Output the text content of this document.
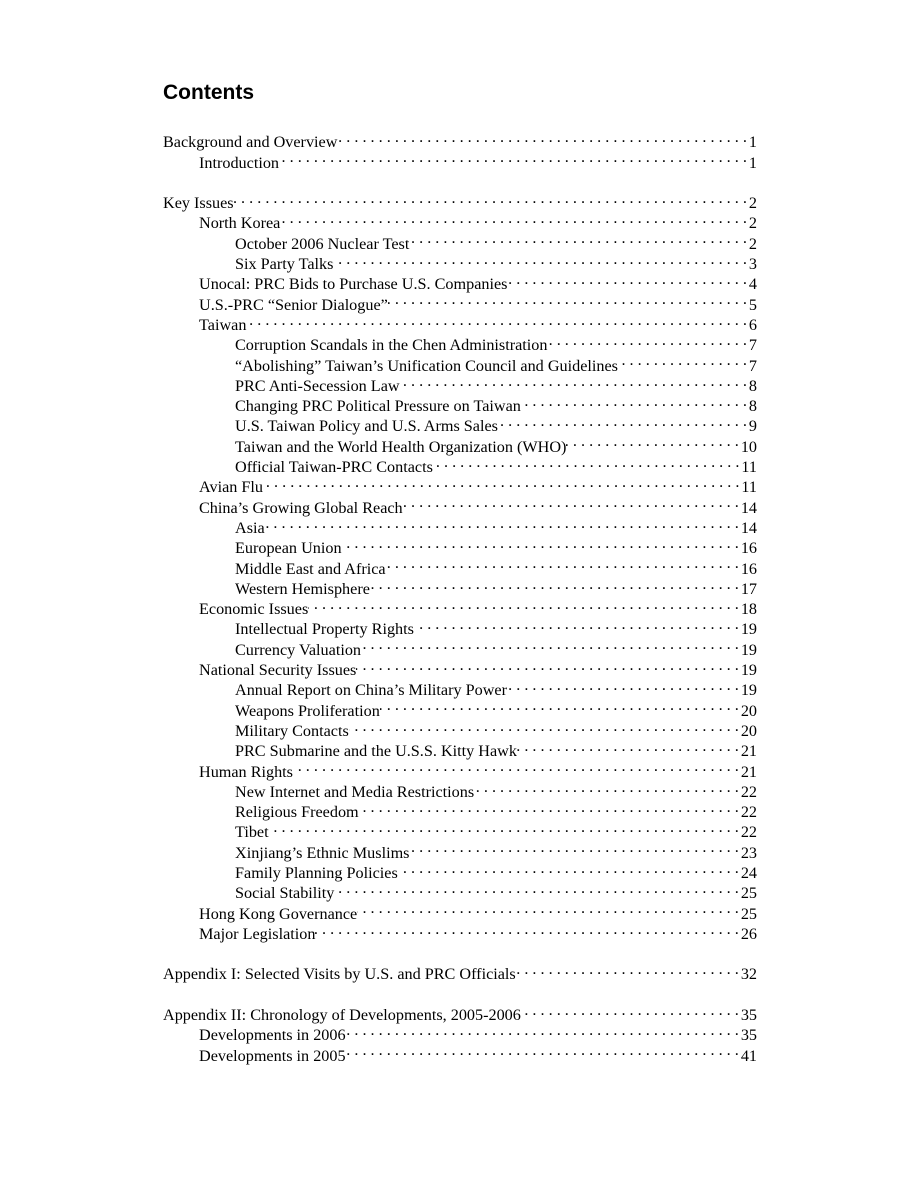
Contents
Background and Overview . . .	1
Introduction . . .	1
Key Issues . . .	2
North Korea . . .	2
October 2006 Nuclear Test . . .	2
Six Party Talks . . .	3
Unocal: PRC Bids to Purchase U.S. Companies . . .	4
U.S.-PRC “Senior Dialogue” . . .	5
Taiwan . . .	6
Corruption Scandals in the Chen Administration . . .	7
“Abolishing” Taiwan’s Unification Council and Guidelines . . .	7
PRC Anti-Secession Law . . .	8
Changing PRC Political Pressure on Taiwan . . .	8
U.S. Taiwan Policy and U.S. Arms Sales . . .	9
Taiwan and the World Health Organization (WHO) . . .	10
Official Taiwan-PRC Contacts . . .	11
Avian Flu . . .	11
China’s Growing Global Reach . . .	14
Asia . . .	14
European Union . . .	16
Middle East and Africa . . .	16
Western Hemisphere . . .	17
Economic Issues . . .	18
Intellectual Property Rights . . .	19
Currency Valuation . . .	19
National Security Issues . . .	19
Annual Report on China’s Military Power . . .	19
Weapons Proliferation . . .	20
Military Contacts . . .	20
PRC Submarine and the U.S.S. Kitty Hawk . . .	21
Human Rights . . .	21
New Internet and Media Restrictions . . .	22
Religious Freedom . . .	22
Tibet . . .	22
Xinjiang’s Ethnic Muslims . . .	23
Family Planning Policies . . .	24
Social Stability . . .	25
Hong Kong Governance . . .	25
Major Legislation . . .	26
Appendix I: Selected Visits by U.S. and PRC Officials . . .	32
Appendix II: Chronology of Developments, 2005-2006 . . .	35
Developments in 2006 . . .	35
Developments in 2005 . . .	41
